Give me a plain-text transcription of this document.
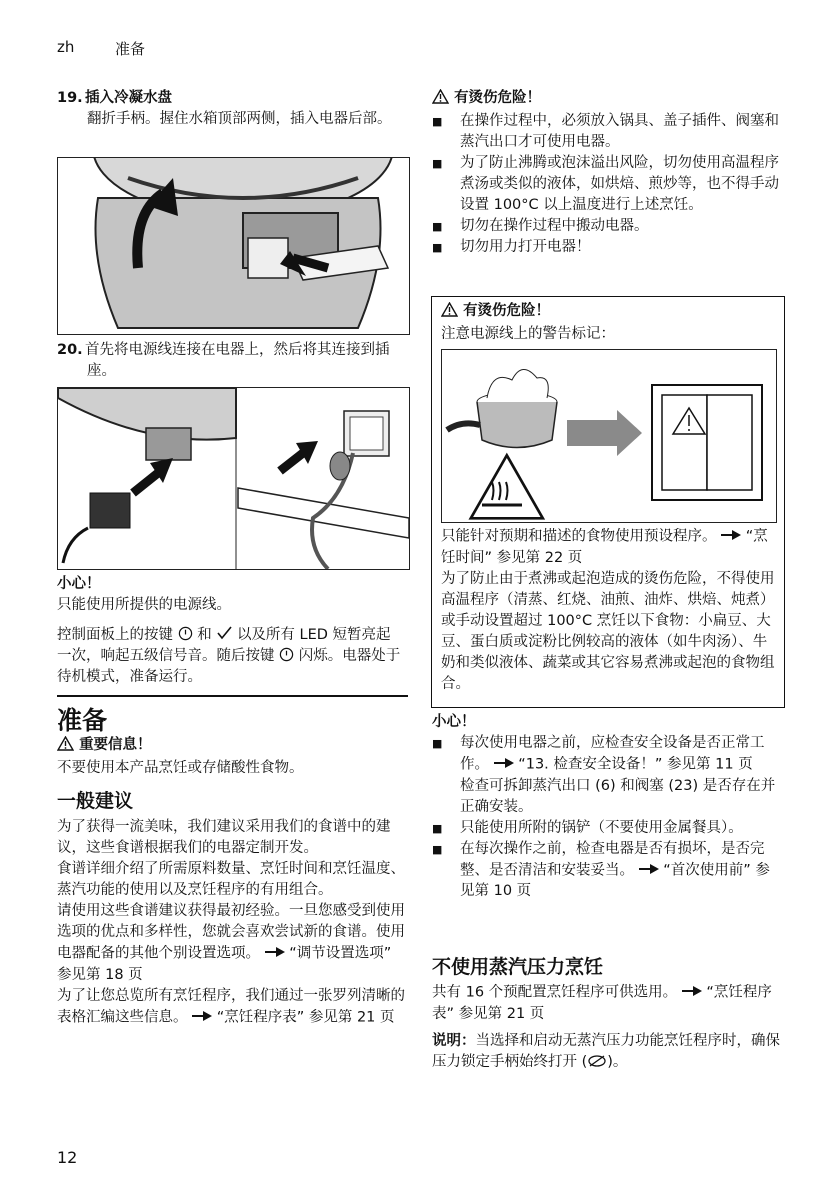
zh	准备
19. 插入冷凝水盘
翻折手柄。握住水箱顶部两侧，插入电器后部。
20. 首先将电源线连接在电器上，然后将其连接到插座。
小心！
只能使用所提供的电源线。
控制面板上的按键 和 以及所有 LED 短暂亮起一次，响起五级信号音。随后按键 闪烁。电器处于待机模式，准备运行。
准备
重要信息！
不要使用本产品烹饪或存储酸性食物。
一般建议

为了获得一流美味，我们建议采用我们的食谱中的建议，这些食谱根据我们的电器定制开发。

食谱详细介绍了所需原料数量、烹饪时间和烹饪温度、蒸汽功能的使用以及烹饪程序的有用组合。

请使用这些食谱建议获得最初经验。一旦您感受到使用选项的优点和多样性，您就会喜欢尝试新的食谱。使用电器配备的其他个别设置选项。 “调节设置选项” 参见第 18 页

为了让您总览所有烹饪程序，我们通过一张罗列清晰的表格汇编这些信息。 “烹饪程序表” 参见第 21 页

12
有烫伤危险！
■ 在操作过程中，必须放入锅具、盖子插件、阀塞和蒸汽出口才可使用电器。
■ 为了防止沸腾或泡沫溢出风险，切勿使用高温程序煮汤或类似的液体，如烘焙、煎炒等，也不得手动设置 100°C 以上温度进行上述烹饪。
■ 切勿在操作过程中搬动电器。
■ 切勿用力打开电器！
有烫伤危险！
注意电源线上的警告标记：

只能针对预期和描述的食物使用预设程序。 “烹饪时间” 参见第 22 页

为了防止由于煮沸或起泡造成的烫伤危险，不得使用高温程序（清蒸、红烧、油煎、油炸、烘焙、炖煮）或手动设置超过 100°C 烹饪以下食物：小扁豆、大豆、蛋白质或淀粉比例较高的液体（如牛肉汤）、牛奶和类似液体、蔬菜或其它容易煮沸或起泡的食物组合。

小心！
■ 每次使用电器之前，应检查安全设备是否正常工作。 “13. 检查安全设备！” 参见第 11 页
检查可拆卸蒸汽出口 (6) 和阀塞 (23) 是否存在并正确安装。
■ 只能使用所附的锅铲（不要使用金属餐具）。
■ 在每次操作之前，检查电器是否有损坏，是否完整、是否清洁和安装妥当。 “首次使用前” 参见第 10 页
不使用蒸汽压力烹饪

共有 16 个预配置烹饪程序可供选用。 “烹饪程序表” 参见第 21 页

说明：当选择和启动无蒸汽压力功能烹饪程序时，确保压力锁定手柄始终打开 ( )。
